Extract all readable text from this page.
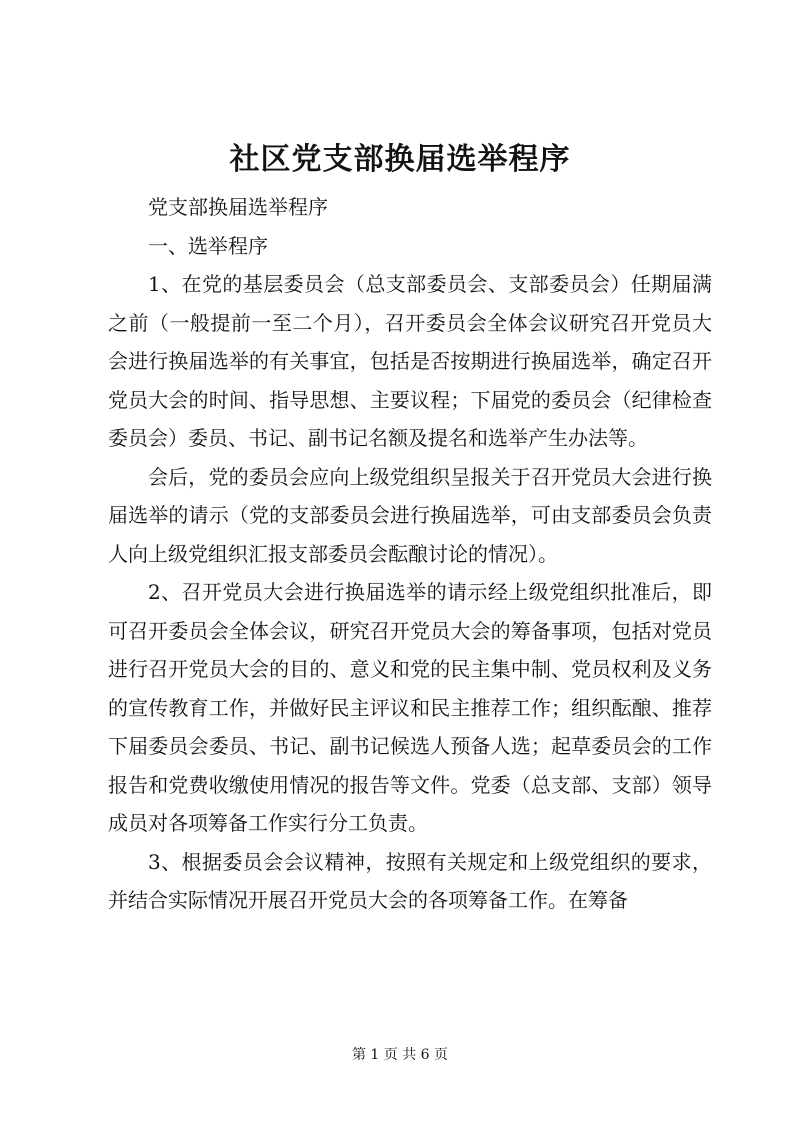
社区党支部换届选举程序

党支部换届选举程序

一、选举程序

1、在党的基层委员会（总支部委员会、支部委员会）任期届满之前（一般提前一至二个月），召开委员会全体会议研究召开党员大会进行换届选举的有关事宜，包括是否按期进行换届选举，确定召开党员大会的时间、指导思想、主要议程；下届党的委员会（纪律检查委员会）委员、书记、副书记名额及提名和选举产生办法等。

会后，党的委员会应向上级党组织呈报关于召开党员大会进行换届选举的请示（党的支部委员会进行换届选举，可由支部委员会负责人向上级党组织汇报支部委员会酝酿讨论的情况）。

2、召开党员大会进行换届选举的请示经上级党组织批准后，即可召开委员会全体会议，研究召开党员大会的筹备事项，包括对党员进行召开党员大会的目的、意义和党的民主集中制、党员权利及义务的宣传教育工作，并做好民主评议和民主推荐工作；组织酝酿、推荐下届委员会委员、书记、副书记候选人预备人选；起草委员会的工作报告和党费收缴使用情况的报告等文件。党委（总支部、支部）领导成员对各项筹备工作实行分工负责。

3、根据委员会会议精神，按照有关规定和上级党组织的要求，并结合实际情况开展召开党员大会的各项筹备工作。在筹备

第 1 页 共 6 页
